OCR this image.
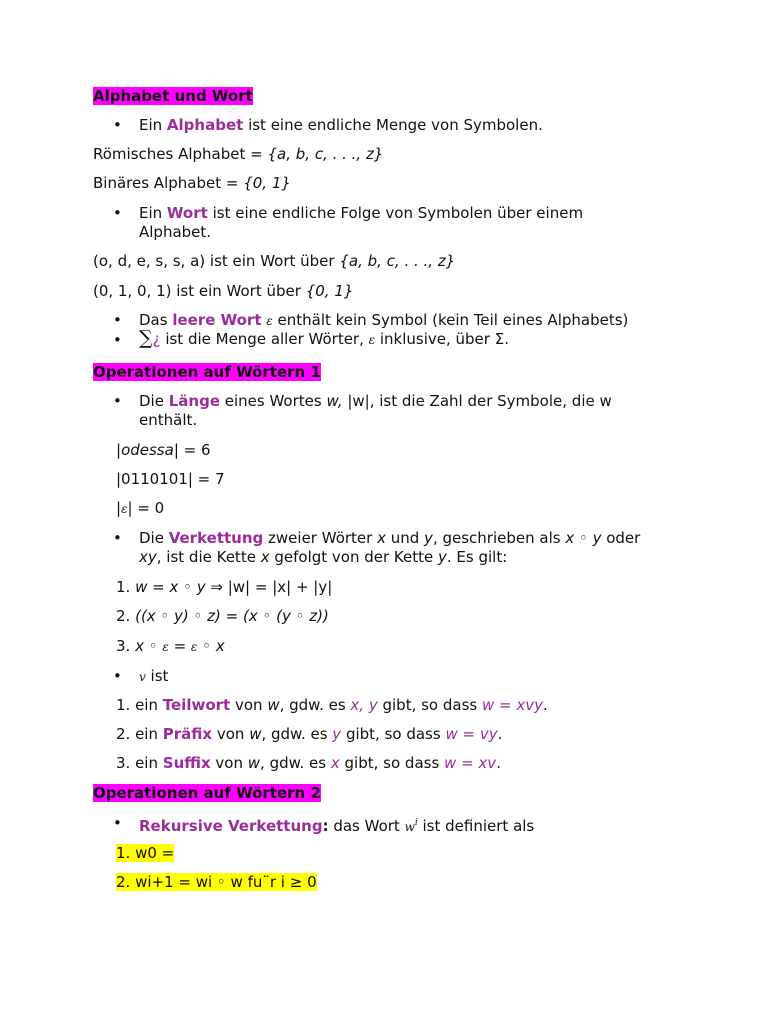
Alphabet und Wort
• Ein Alphabet ist eine endliche Menge von Symbolen.
Römisches Alphabet = {a, b, c, . . ., z}
Binäres Alphabet = {0, 1}
• Ein Wort ist eine endliche Folge von Symbolen über einem
Alphabet.
(o, d, e, s, s, a) ist ein Wort über {a, b, c, . . ., z}
(0, 1, 0, 1) ist ein Wort über {0, 1}
• Das leere Wort ε enthält kein Symbol (kein Teil eines Alphabets)
• ∑¿ ist die Menge aller Wörter, ε inklusive, über Σ.
Operationen auf Wörtern 1
• Die Länge eines Wortes w, |w|, ist die Zahl der Symbole, die w
enthält.
|odessa| = 6
|0110101| = 7
|ε| = 0
• Die Verkettung zweier Wörter x und y, geschrieben als x ◦ y oder
xy, ist die Kette x gefolgt von der Kette y. Es gilt:
1. w = x ◦ y ⇒ |w| = |x| + |y|
2. ((x ◦ y) ◦ z) = (x ◦ (y ◦ z))
3. x ◦ ε = ε ◦ x
• v ist
1. ein Teilwort von w, gdw. es x, y gibt, so dass w = xvy.
2. ein Präfix von w, gdw. es y gibt, so dass w = vy.
3. ein Suffix von w, gdw. es x gibt, so dass w = xv.
Operationen auf Wörtern 2
• Rekursive Verkettung: das Wort $w^i$ ist definiert als
1. w0 =
2. wi+1 = wi ◦ w fu¨r i ≥ 0
